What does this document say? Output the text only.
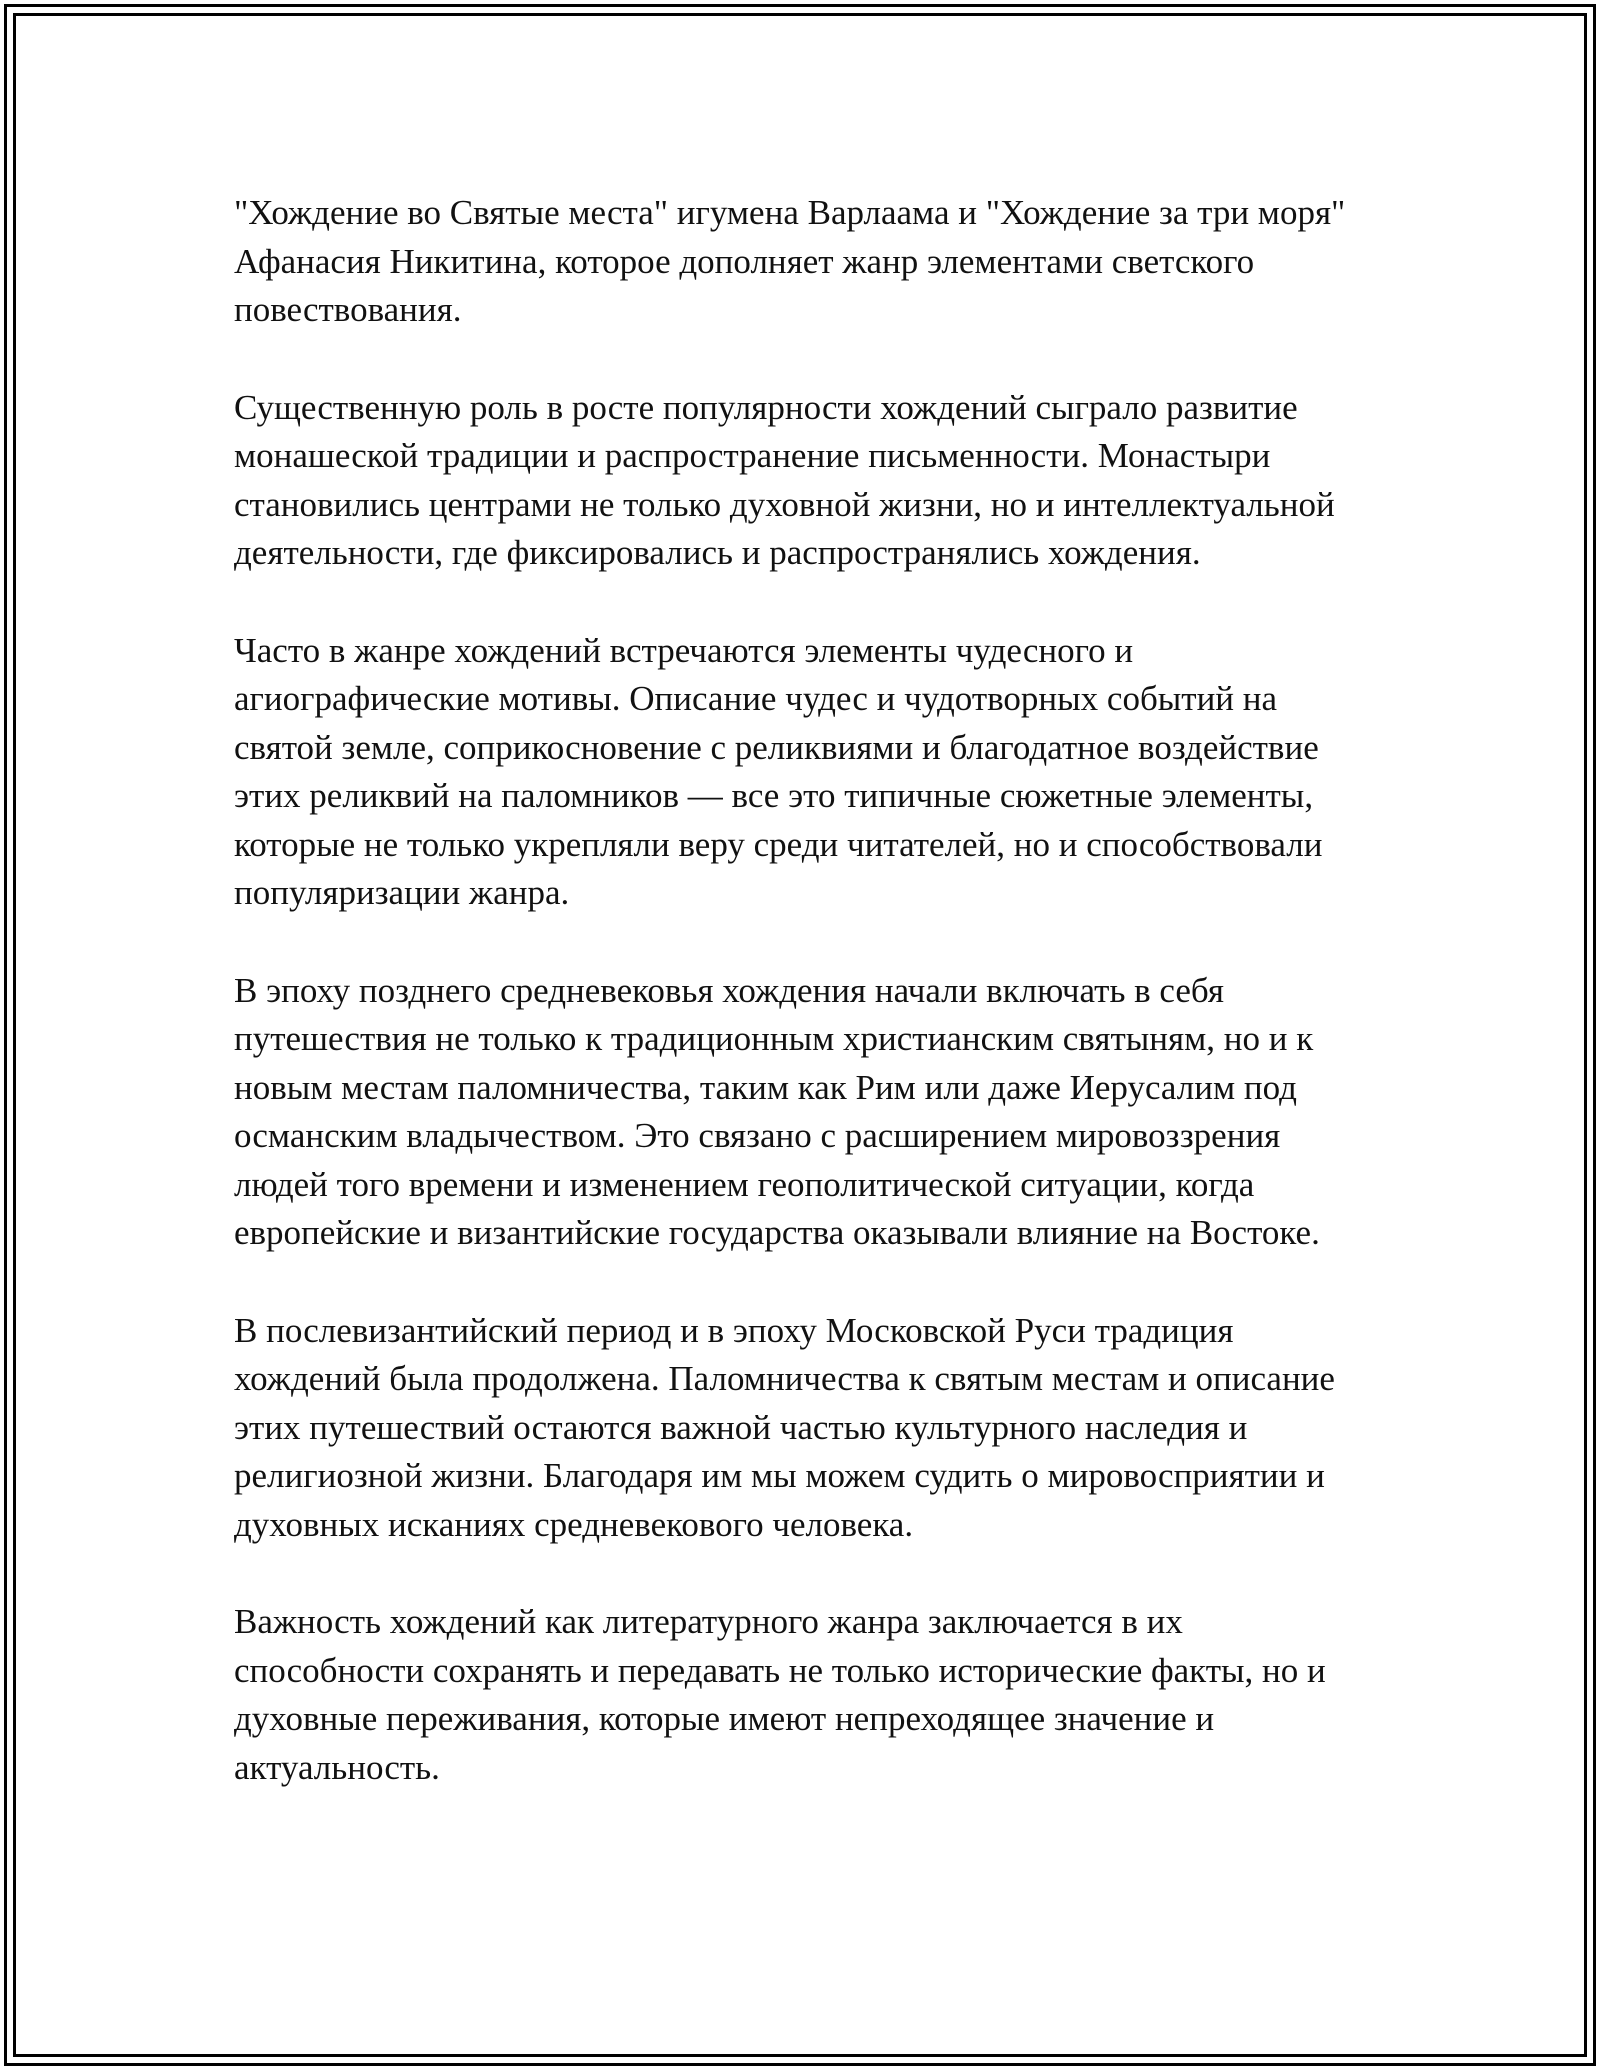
"Хождение во Святые места" игумена Варлаама и "Хождение за три моря" Афанасия Никитина, которое дополняет жанр элементами светского повествования.

Существенную роль в росте популярности хождений сыграло развитие монашеской традиции и распространение письменности. Монастыри становились центрами не только духовной жизни, но и интеллектуальной деятельности, где фиксировались и распространялись хождения.

Часто в жанре хождений встречаются элементы чудесного и агиографические мотивы. Описание чудес и чудотворных событий на святой земле, соприкосновение с реликвиями и благодатное воздействие этих реликвий на паломников — все это типичные сюжетные элементы, которые не только укрепляли веру среди читателей, но и способствовали популяризации жанра.

В эпоху позднего средневековья хождения начали включать в себя путешествия не только к традиционным христианским святыням, но и к новым местам паломничества, таким как Рим или даже Иерусалим под османским владычеством. Это связано с расширением мировоззрения людей того времени и изменением геополитической ситуации, когда европейские и византийские государства оказывали влияние на Востоке.

В послевизантийский период и в эпоху Московской Руси традиция хождений была продолжена. Паломничества к святым местам и описание этих путешествий остаются важной частью культурного наследия и религиозной жизни. Благодаря им мы можем судить о мировосприятии и духовных исканиях средневекового человека.

Важность хождений как литературного жанра заключается в их способности сохранять и передавать не только исторические факты, но и духовные переживания, которые имеют непреходящее значение и актуальность.
